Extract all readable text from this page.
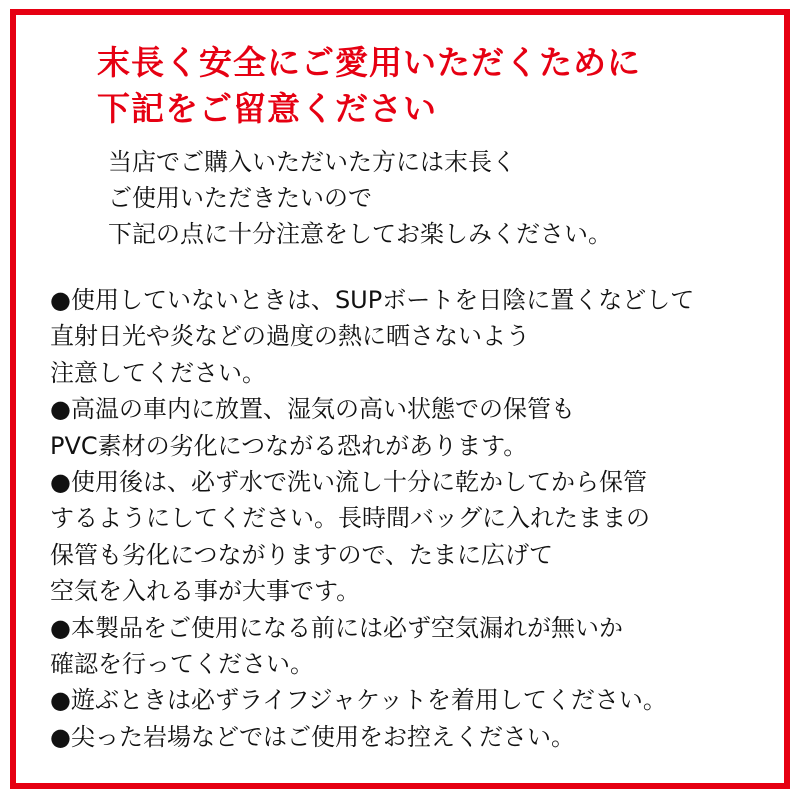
末長く安全にご愛用いただくために
下記をご留意ください

当店でご購入いただいた方には末長く
ご使用いただきたいので
下記の点に十分注意をしてお楽しみください。

●使用していないときは、SUPボートを日陰に置くなどして
直射日光や炎などの過度の熱に晒さないよう
注意してください。
●高温の車内に放置、湿気の高い状態での保管も
PVC素材の劣化につながる恐れがあります。
●使用後は、必ず水で洗い流し十分に乾かしてから保管
するようにしてください。長時間バッグに入れたままの
保管も劣化につながりますので、たまに広げて
空気を入れる事が大事です。
●本製品をご使用になる前には必ず空気漏れが無いか
確認を行ってください。
●遊ぶときは必ずライフジャケットを着用してください。
●尖った岩場などではご使用をお控えください。
